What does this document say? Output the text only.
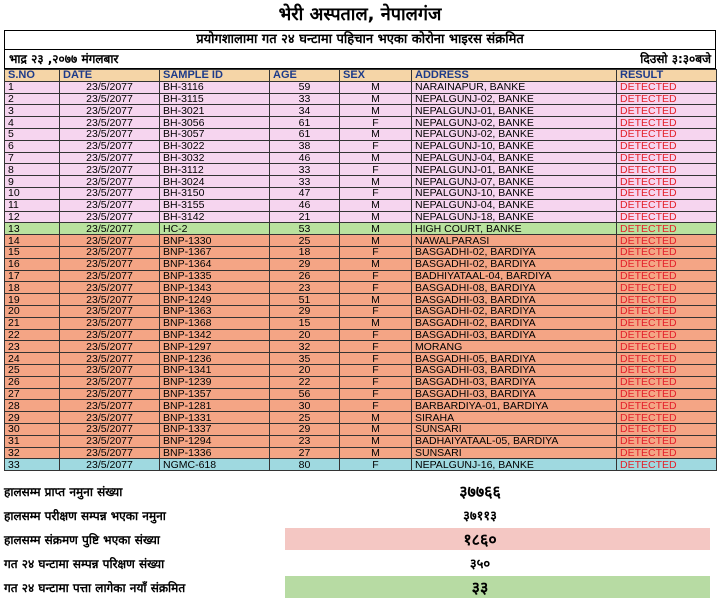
भेरी अस्पताल, नेपालगंज
प्रयोगशालामा गत २४ घन्टामा पहिचान भएका कोरोना भाइरस संक्रमित
भाद्र २३ ,२०७७ मंगलबार	दिउसो ३:३०बजे
S.NO	DATE	SAMPLE ID	AGE	SEX	ADDRESS	RESULT
1	23/5/2077	BH-3116	59	M	NARAINAPUR, BANKE	DETECTED
2	23/5/2077	BH-3115	33	M	NEPALGUNJ-02, BANKE	DETECTED
3	23/5/2077	BH-3021	34	M	NEPALGUNJ-01, BANKE	DETECTED
4	23/5/2077	BH-3056	61	F	NEPALGUNJ-02, BANKE	DETECTED
5	23/5/2077	BH-3057	61	M	NEPALGUNJ-02, BANKE	DETECTED
6	23/5/2077	BH-3022	38	F	NEPALGUNJ-10, BANKE	DETECTED
7	23/5/2077	BH-3032	46	M	NEPALGUNJ-04, BANKE	DETECTED
8	23/5/2077	BH-3112	33	F	NEPALGUNJ-01, BANKE	DETECTED
9	23/5/2077	BH-3024	33	M	NEPALGUNJ-07, BANKE	DETECTED
10	23/5/2077	BH-3150	47	F	NEPALGUNJ-10, BANKE	DETECTED
11	23/5/2077	BH-3155	46	M	NEPALGUNJ-04, BANKE	DETECTED
12	23/5/2077	BH-3142	21	M	NEPALGUNJ-18, BANKE	DETECTED
13	23/5/2077	HC-2	53	M	HIGH COURT, BANKE	DETECTED
14	23/5/2077	BNP-1330	25	M	NAWALPARASI	DETECTED
15	23/5/2077	BNP-1367	18	F	BASGADHI-02, BARDIYA	DETECTED
16	23/5/2077	BNP-1364	29	M	BASGADHI-02, BARDIYA	DETECTED
17	23/5/2077	BNP-1335	26	F	BADHIYATAAL-04, BARDIYA	DETECTED
18	23/5/2077	BNP-1343	23	F	BASGADHI-08, BARDIYA	DETECTED
19	23/5/2077	BNP-1249	51	M	BASGADHI-03, BARDIYA	DETECTED
20	23/5/2077	BNP-1363	29	F	BASGADHI-02, BARDIYA	DETECTED
21	23/5/2077	BNP-1368	15	M	BASGADHI-02, BARDIYA	DETECTED
22	23/5/2077	BNP-1342	20	F	BASGADHI-03, BARDIYA	DETECTED
23	23/5/2077	BNP-1297	32	F	MORANG	DETECTED
24	23/5/2077	BNP-1236	35	F	BASGADHI-05, BARDIYA	DETECTED
25	23/5/2077	BNP-1341	20	F	BASGADHI-03, BARDIYA	DETECTED
26	23/5/2077	BNP-1239	22	F	BASGADHI-03, BARDIYA	DETECTED
27	23/5/2077	BNP-1357	56	F	BASGADHI-03, BARDIYA	DETECTED
28	23/5/2077	BNP-1281	30	F	BARBARDIYA-01, BARDIYA	DETECTED
29	23/5/2077	BNP-1331	25	M	SIRAHA	DETECTED
30	23/5/2077	BNP-1337	29	M	SUNSARI	DETECTED
31	23/5/2077	BNP-1294	23	M	BADHAIYATAAL-05, BARDIYA	DETECTED
32	23/5/2077	BNP-1336	27	M	SUNSARI	DETECTED
33	23/5/2077	NGMC-618	80	F	NEPALGUNJ-16, BANKE	DETECTED
हालसम्म प्राप्त नमुना संख्या	३७७६६
हालसम्म परीक्षण सम्पन्न भएका नमुना	३७११३
हालसम्म संक्रमण पुष्टि भएका संख्या	१८६०
गत २४ घन्टामा सम्पन्न परिक्षण संख्या	३५०
गत २४ घन्टामा पत्ता लागेका नयाँ संक्रमित	३३
